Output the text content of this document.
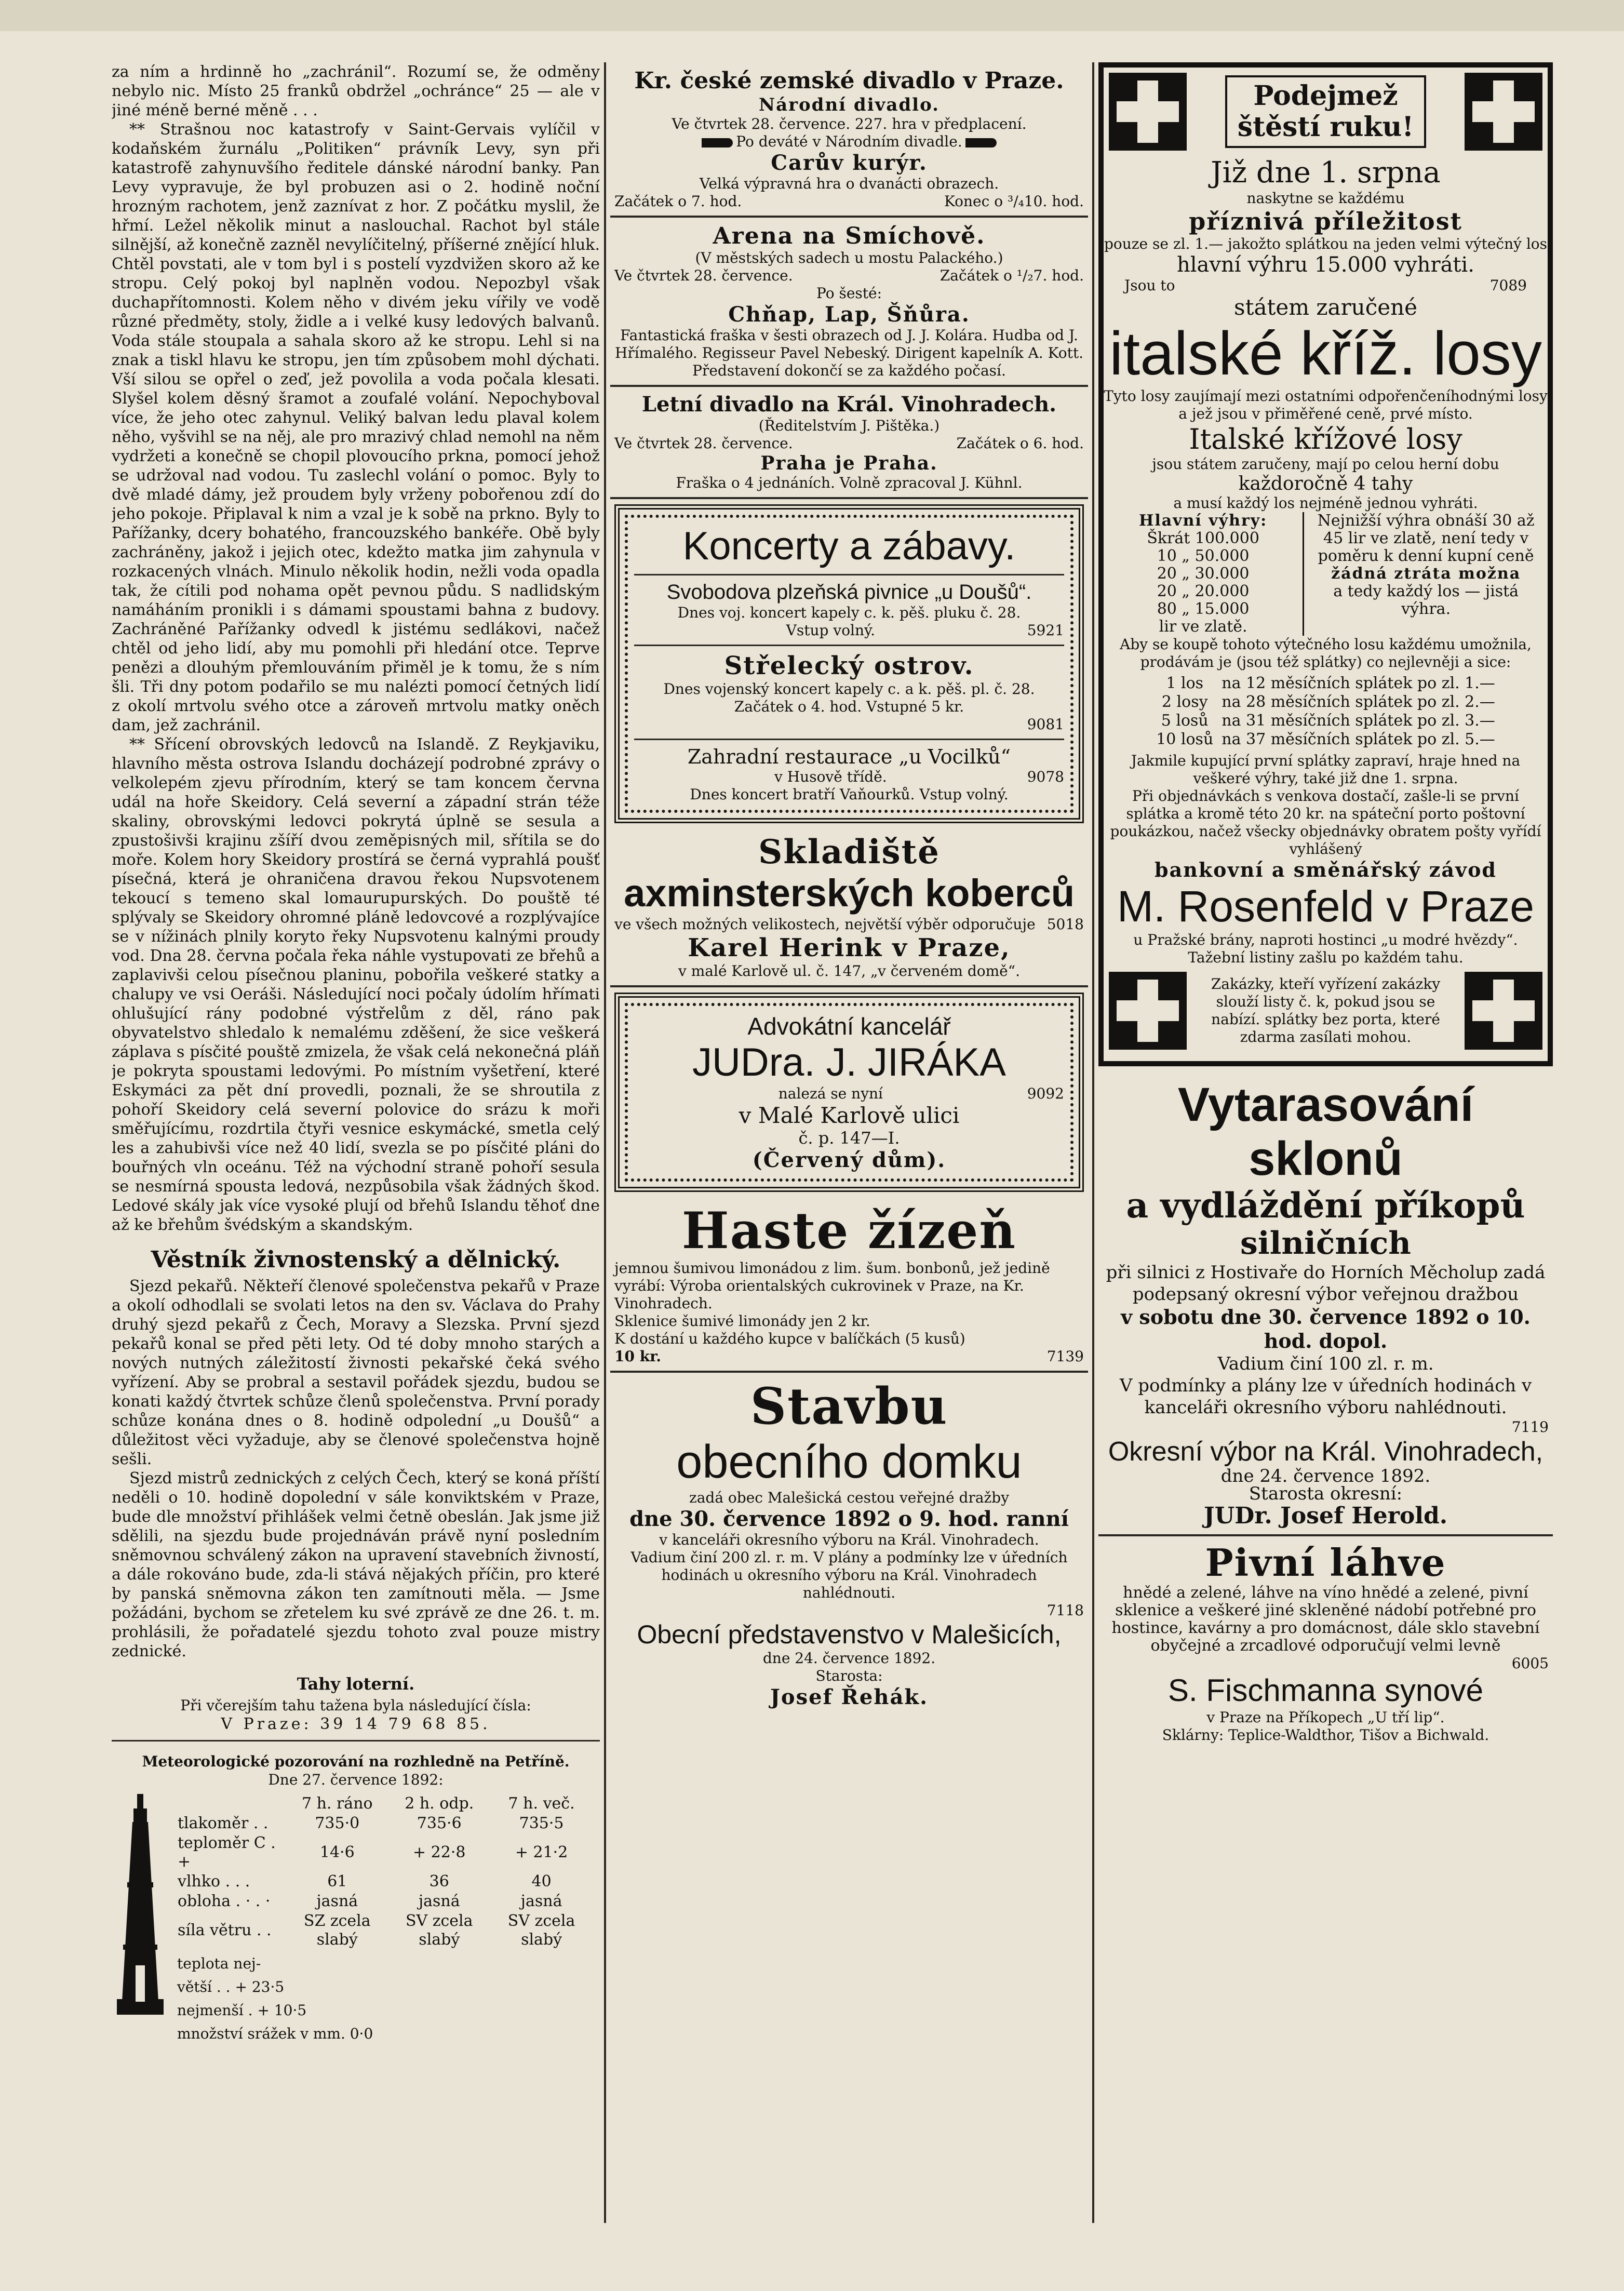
za ním a hrdinně ho „zachránil“. Rozumí se, že odměny nebylo nic. Místo 25 franků obdržel „ochránce“ 25 — ale v jiné méně berné měně . . .

** Strašnou noc katastrofy v Saint-Gervais vylíčil v kodaňském žurnálu „Politiken“ právník Levy, syn při katastrofě zahynuvšího ředitele dánské národní banky. Pan Levy vypravuje, že byl probuzen asi o 2. hodině noční hrozným rachotem, jenž zaznívat z hor. Z počátku myslil, že hřmí. Ležel několik minut a naslouchal. Rachot byl stále silnější, až konečně zazněl nevylíčitelný, příšerné znějící hluk. Chtěl povstati, ale v tom byl i s postelí vyzdvižen skoro až ke stropu. Celý pokoj byl naplněn vodou. Nepozbyl však duchapřítomnosti. Kolem něho v divém jeku vířily ve vodě různé předměty, stoly, židle a i velké kusy ledových balvanů. Voda stále stoupala a sahala skoro až ke stropu. Lehl si na znak a tiskl hlavu ke stropu, jen tím způsobem mohl dýchati. Vší silou se opřel o zeď, jež povolila a voda počala klesati. Slyšel kolem děsný šramot a zoufalé volání. Nepochyboval více, že jeho otec zahynul. Veliký balvan ledu plaval kolem něho, vyšvihl se na něj, ale pro mrazivý chlad nemohl na něm vydržeti a konečně se chopil plovoucího prkna, pomocí jehož se udržoval nad vodou. Tu zaslechl volání o pomoc. Byly to dvě mladé dámy, jež proudem byly vrženy pobořenou zdí do jeho pokoje. Připlaval k nim a vzal je k sobě na prkno. Byly to Pařížanky, dcery bohatého, francouzského bankéře. Obě byly zachráněny, jakož i jejich otec, kdežto matka jim zahynula v rozkacených vlnách. Minulo několik hodin, nežli voda opadla tak, že cítili pod nohama opět pevnou půdu. S nadlidským namáháním pronikli i s dámami spoustami bahna z budovy. Zachráněné Pařížanky odvedl k jistému sedlákovi, načež chtěl od jeho lidí, aby mu pomohli při hledání otce. Teprve penězi a dlouhým přemlouváním přiměl je k tomu, že s ním šli. Tři dny potom podařilo se mu nalézti pomocí četných lidí z okolí mrtvolu svého otce a zároveň mrtvolu matky oněch dam, jež zachránil.

** Sřícení obrovských ledovců na Islandě. Z Reykjaviku, hlavního města ostrova Islandu docházejí podrobné zprávy o velkolepém zjevu přírodním, který se tam koncem června udál na hoře Skeidory. Celá severní a západní strán téže skaliny, obrovskými ledovci pokrytá úplně se sesula a zpustošivši krajinu zšíří dvou zeměpisných mil, sřítila se do moře. Kolem hory Skeidory prostírá se černá vyprahlá poušť písečná, která je ohraničena dravou řekou Nupsvotenem tekoucí s temeno skal lomaurupurských. Do pouště té splývaly se Skeidory ohromné pláně ledovcové a rozplývajíce se v nížinách plnily koryto řeky Nupsvotenu kalnými proudy vod. Dna 28. června počala řeka náhle vystupovati ze břehů a zaplavivši celou písečnou planinu, pobořila veškeré statky a chalupy ve vsi Oeráši. Následující noci počaly údolím hřímati ohlušující rány podobné výstřelům z děl, ráno pak obyvatelstvo shledalo k nemalému zděšení, že sice veškerá záplava s písčité pouště zmizela, že však celá nekonečná pláň je pokryta spoustami ledovými. Po místním vyšetření, které Eskymáci za pět dní provedli, poznali, že se shroutila z pohoří Skeidory celá severní polovice do srázu k moři směřujícímu, rozdrtila čtyři vesnice eskymácké, smetla celý les a zahubivši více než 40 lidí, svezla se po písčité pláni do bouřných vln oceánu. Též na východní straně pohoří sesula se nesmírná spousta ledová, nezpůsobila však žádných škod. Ledové skály jak více vysoké plují od břehů Islandu těhoť dne až ke břehům švédským a skandským.

Věstník živnostenský a dělnický.

Sjezd pekařů. Někteří členové společenstva pekařů v Praze a okolí odhodlali se svolati letos na den sv. Václava do Prahy druhý sjezd pekařů z Čech, Moravy a Slezska. První sjezd pekařů konal se před pěti lety. Od té doby mnoho starých a nových nutných záležitostí živnosti pekařské čeká svého vyřízení. Aby se probral a sestavil pořádek sjezdu, budou se konati každý čtvrtek schůze členů společenstva. První porady schůze konána dnes o 8. hodině odpolední „u Doušů“ a důležitost věci vyžaduje, aby se členové společenstva hojně sešli.

Sjezd mistrů zednických z celých Čech, který se koná příští neděli o 10. hodině dopolední v sále konviktském v Praze, bude dle množství přihlášek velmi četně obeslán. Jak jsme již sdělili, na sjezdu bude projednáván právě nyní posledním sněmovnou schválený zákon na upravení stavebních živností, a dále rokováno bude, zda-li stává nějakých příčin, pro které by panská sněmovna zákon ten zamítnouti měla. — Jsme požádáni, bychom se zřetelem ku své zprávě ze dne 26. t. m. prohlásili, že pořadatelé sjezdu tohoto zval pouze mistry zednické.

Tahy loterní.
Při včerejším tahu tažena byla následující čísla:
V Praze: 39 14 79 68 85.
Meteorologické pozorování na rozhledně na Petříně.
Dne 27. července 1892:
	7 h. ráno	2 h. odp.	7 h. več.
tlakoměr . .	735·0	735·6	735·5
teploměr C . +	14·6	+ 22·8	+ 21·2
vlhko . . .	61	36	40
obloha . · . ·	jasná	jasná	jasná
síla větru . .	SZ zcela slabý	SV zcela slabý	SV zcela slabý
teplota nej-
větší . . + 23·5
nejmenší . + 10·5
množství srážek v mm. 0·0
Kr. české zemské divadlo v Praze.
Národní divadlo.
Ve čtvrtek 28. července. 227. hra v předplacení.
Po deváté v Národním divadle.
Carův kurýr.
Velká výpravná hra o dvanácti obrazech.
Začátek o 7. hod.	Konec o ³/₄10. hod.
Arena na Smíchově.
(V městských sadech u mostu Palackého.)
Ve čtvrtek 28. července.	Začátek o ¹/₂7. hod.
Po šesté:
Chňap, Lap, Šňůra.
Fantastická fraška v šesti obrazech od J. J. Kolára. Hudba od J. Hřímalého. Regisseur Pavel Nebeský. Dirigent kapelník A. Kott.
Představení dokončí se za každého počasí.
Letní divadlo na Král. Vinohradech.
(Ředitelstvím J. Pištěka.)
Ve čtvrtek 28. července.	Začátek o 6. hod.
Praha je Praha.
Fraška o 4 jednáních. Volně zpracoval J. Kühnl.
Koncerty a zábavy.
Svobodova plzeňská pivnice „u Doušů“.
Dnes voj. koncert kapely c. k. pěš. pluku č. 28.
Vstup volný.	5921
Střelecký ostrov.
Dnes vojenský koncert kapely c. a k. pěš. pl. č. 28. Začátek o 4. hod. Vstupné 5 kr.
9081
Zahradní restaurace „u Vocilků“
v Husově třídě.	9078
Dnes koncert bratří Vaňourků. Vstup volný.
Skladiště
axminsterských koberců
ve všech možných velikostech, největší výběr odporučuje 5018
Karel Herink v Praze,
v malé Karlově ul. č. 147, „v červeném domě“.
Advokátní kancelář
JUDra. J. JIRÁKA
nalezá se nyní	9092
v Malé Karlově ulici
č. p. 147—I.
(Červený dům).
Haste žízeň
jemnou šumivou limonádou z lim. šum. bonbonů, jež jedině vyrábí: Výroba orientalských cukrovinek v Praze, na Kr. Vinohradech.
Sklenice šumivé limonády jen 2 kr.
K dostání u každého kupce v balíčkách (5 kusů)
10 kr.	7139
Stavbu
obecního domku
zadá obec Malešická cestou veřejné dražby
dne 30. července 1892 o 9. hod. ranní
v kanceláři okresního výboru na Král. Vinohradech.
Vadium činí 200 zl. r. m. V plány a podmínky lze v úředních hodinách u okresního výboru na Král. Vinohradech nahlédnouti.
7118
Obecní představenstvo v Malešicích,
dne 24. července 1892.
Starosta:
Josef Řehák.
Podejmež
štěstí ruku!
Již dne 1. srpna
naskytne se každému
příznivá příležitost
pouze se zl. 1.— jakožto splátkou na jeden velmi výtečný los
hlavní výhru 15.000 vyhráti.
Jsou to	7089
státem zaručené
italské kříž. losy
Tyto losy zaujímají mezi ostatními odpořenčeníhodnými losy a jež jsou v přiměřené ceně, prvé místo.
Italské křížové losy
jsou státem zaručeny, mají po celou herní dobu
každoročně 4 tahy
a musí každý los nejméně jednou vyhráti.
Hlavní výhry:
Škrát 100.000
10 „ 50.000
20 „ 30.000
20 „ 20.000
80 „ 15.000
lir ve zlatě.

Nejnižší výhra obnáší 30 až 45 lir ve zlatě, není tedy v poměru k denní kupní ceně
žádná ztráta možna
a tedy každý los — jistá výhra.
Aby se koupě tohoto výtečného losu každému umožnila, prodávám je (jsou též splátky) co nejlevněji a sice:
1 los	na 12 měsíčních splátek po zl. 1.—
2 losy	na 28 měsíčních splátek po zl. 2.—
5 losů	na 31 měsíčních splátek po zl. 3.—
10 losů	na 37 měsíčních splátek po zl. 5.—
Jakmile kupující první splátky zapraví, hraje hned na veškeré výhry, také již dne 1. srpna.
Při objednávkách s venkova dostačí, zašle-li se první splátka a kromě této 20 kr. na spáteční porto poštovní poukázkou, načež všecky objednávky obratem pošty vyřídí vyhlášený
bankovní a směnářský závod
M. Rosenfeld v Praze
u Pražské brány, naproti hostinci „u modré hvězdy“.
Tažební listiny zašlu po každém tahu.
Zakázky, kteří vyřízení zakázky slouží listy č. k, pokud jsou se nabízí. splátky bez porta, které zdarma zasílati mohou.
Vytarasování sklonů
a vydláždění příkopů
silničních
při silnici z Hostivaře do Horních Měcholup zadá podepsaný okresní výbor veřejnou dražbou
v sobotu dne 30. července 1892 o 10. hod. dopol.
Vadium činí 100 zl. r. m.
V podmínky a plány lze v úředních hodinách v kanceláři okresního výboru nahlédnouti.
7119
Okresní výbor na Král. Vinohradech,
dne 24. července 1892.
Starosta okresní:
JUDr. Josef Herold.
Pivní láhve
hnědé a zelené, láhve na víno hnědé a zelené, pivní sklenice a veškeré jiné skleněné nádobí potřebné pro hostince, kavárny a pro domácnost, dále sklo stavební obyčejné a zrcadlové odporučují velmi levně
6005
S. Fischmanna synové
v Praze na Příkopech „U tří lip“.
Sklárny: Teplice-Waldthor, Tišov a Bichwald.
